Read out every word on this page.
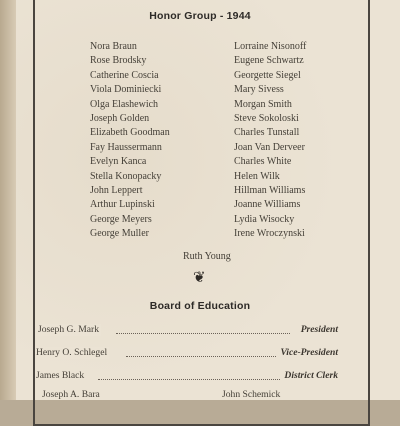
Honor Group - 1944
Nora Braun
Rose Brodsky
Catherine Coscia
Viola Dominiecki
Olga Elashewich
Joseph Golden
Elizabeth Goodman
Fay Haussermann
Evelyn Kanca
Stella Konopacky
John Leppert
Arthur Lupinski
George Meyers
George Muller
Lorraine Nisonoff
Eugene Schwartz
Georgette Siegel
Mary Sivess
Morgan Smith
Steve Sokoloski
Charles Tunstall
Joan Van Derveer
Charles White
Helen Wilk
Hillman Williams
Joanne Williams
Lydia Wisocky
Irene Wroczynski
Ruth Young
❦
Board of Education
Joseph G. Mark	President
Henry O. Schlegel	Vice-President
James Black	District Clerk
Joseph A. Bara	John Schemick
